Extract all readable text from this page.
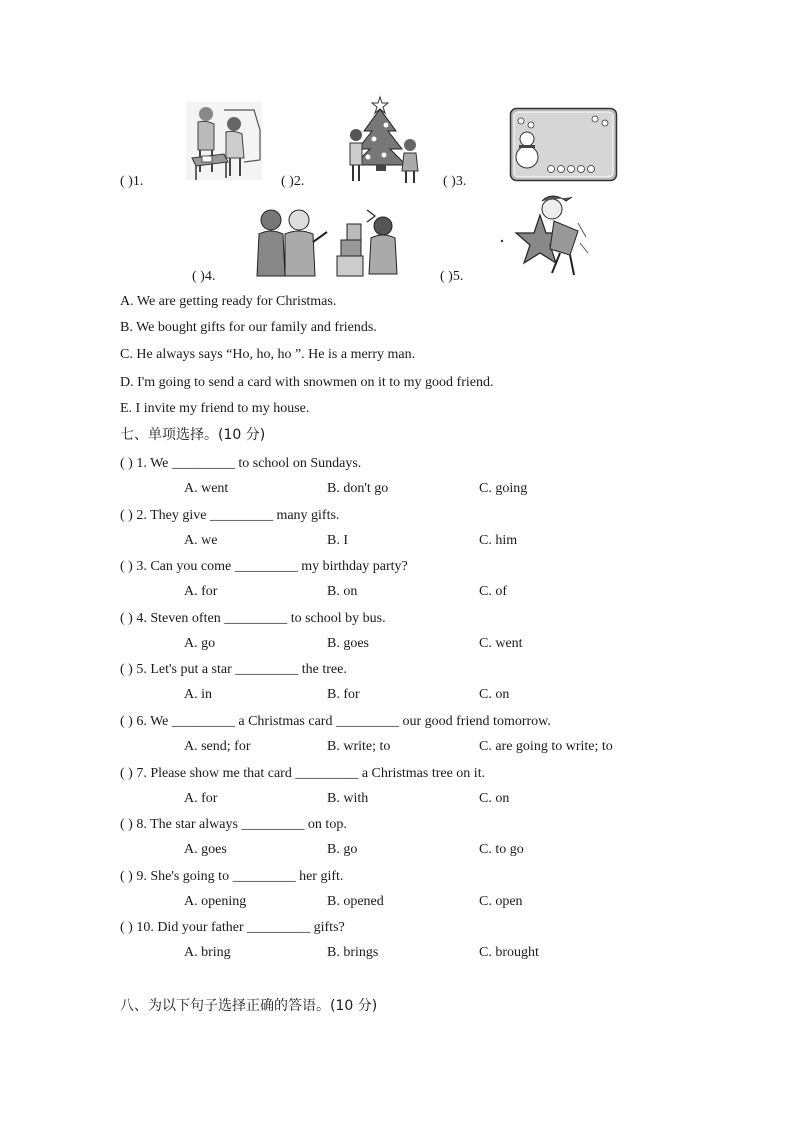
( )1.	( )2.	( )3.
( )4.	( )5.
A. We are getting ready for Christmas.
B. We bought gifts for our family and friends.
C. He always says “Ho, ho, ho ”. He is a merry man.
D. I'm going to send a card with snowmen on it to my good friend.
E. I invite my friend to my house.
七、单项选择。(10 分)
( ) 1. We _________ to school on Sundays.
A. went	B. don't go	C. going
( ) 2. They give _________ many gifts.
A. we	B. I	C. him
( ) 3. Can you come _________ my birthday party?
A. for	B. on	C. of
( ) 4. Steven often _________ to school by bus.
A. go	B. goes	C. went
( ) 5. Let's put a star _________ the tree.
A. in	B. for	C. on
( ) 6. We _________ a Christmas card _________ our good friend tomorrow.
A. send; for	B. write; to	C. are going to write; to
( ) 7. Please show me that card _________ a Christmas tree on it.
A. for	B. with	C. on
( ) 8. The star always _________ on top.
A. goes	B. go	C. to go
( ) 9. She's going to _________ her gift.
A. opening	B. opened	C. open
( ) 10. Did your father _________ gifts?
A. bring	B. brings	C. brought
八、为以下句子选择正确的答语。(10 分)
